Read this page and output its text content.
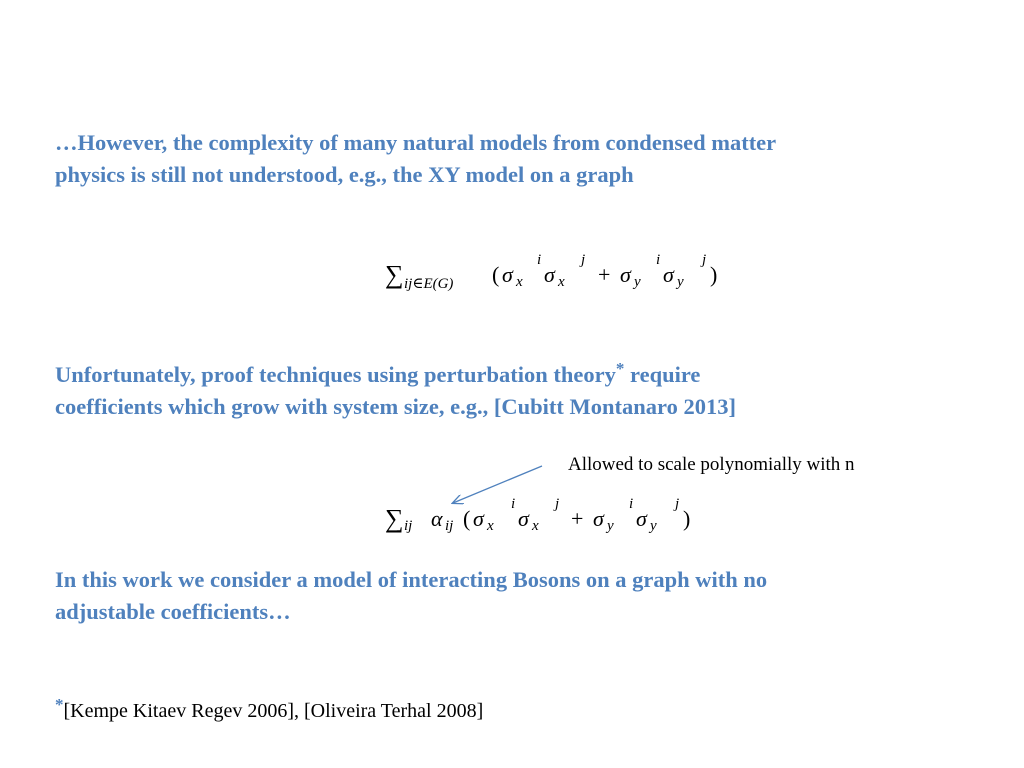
…However, the complexity of many natural models from condensed matter
physics is still not understood, e.g., the XY model on a graph
∑ ij∈E(G) ( σ x
i
σ x
j
+ σ y
i
σ y
j
)
Unfortunately, proof techniques using perturbation theory* require
coefficients which grow with system size, e.g., [Cubitt Montanaro 2013]
Allowed to scale polynomially with n
∑ ij α ij ( σ x
i
σ x
j
+ σ y
i
σ y
j
)
In this work we consider a model of interacting Bosons on a graph with no
adjustable coefficients…
*[Kempe Kitaev Regev 2006], [Oliveira Terhal 2008]
